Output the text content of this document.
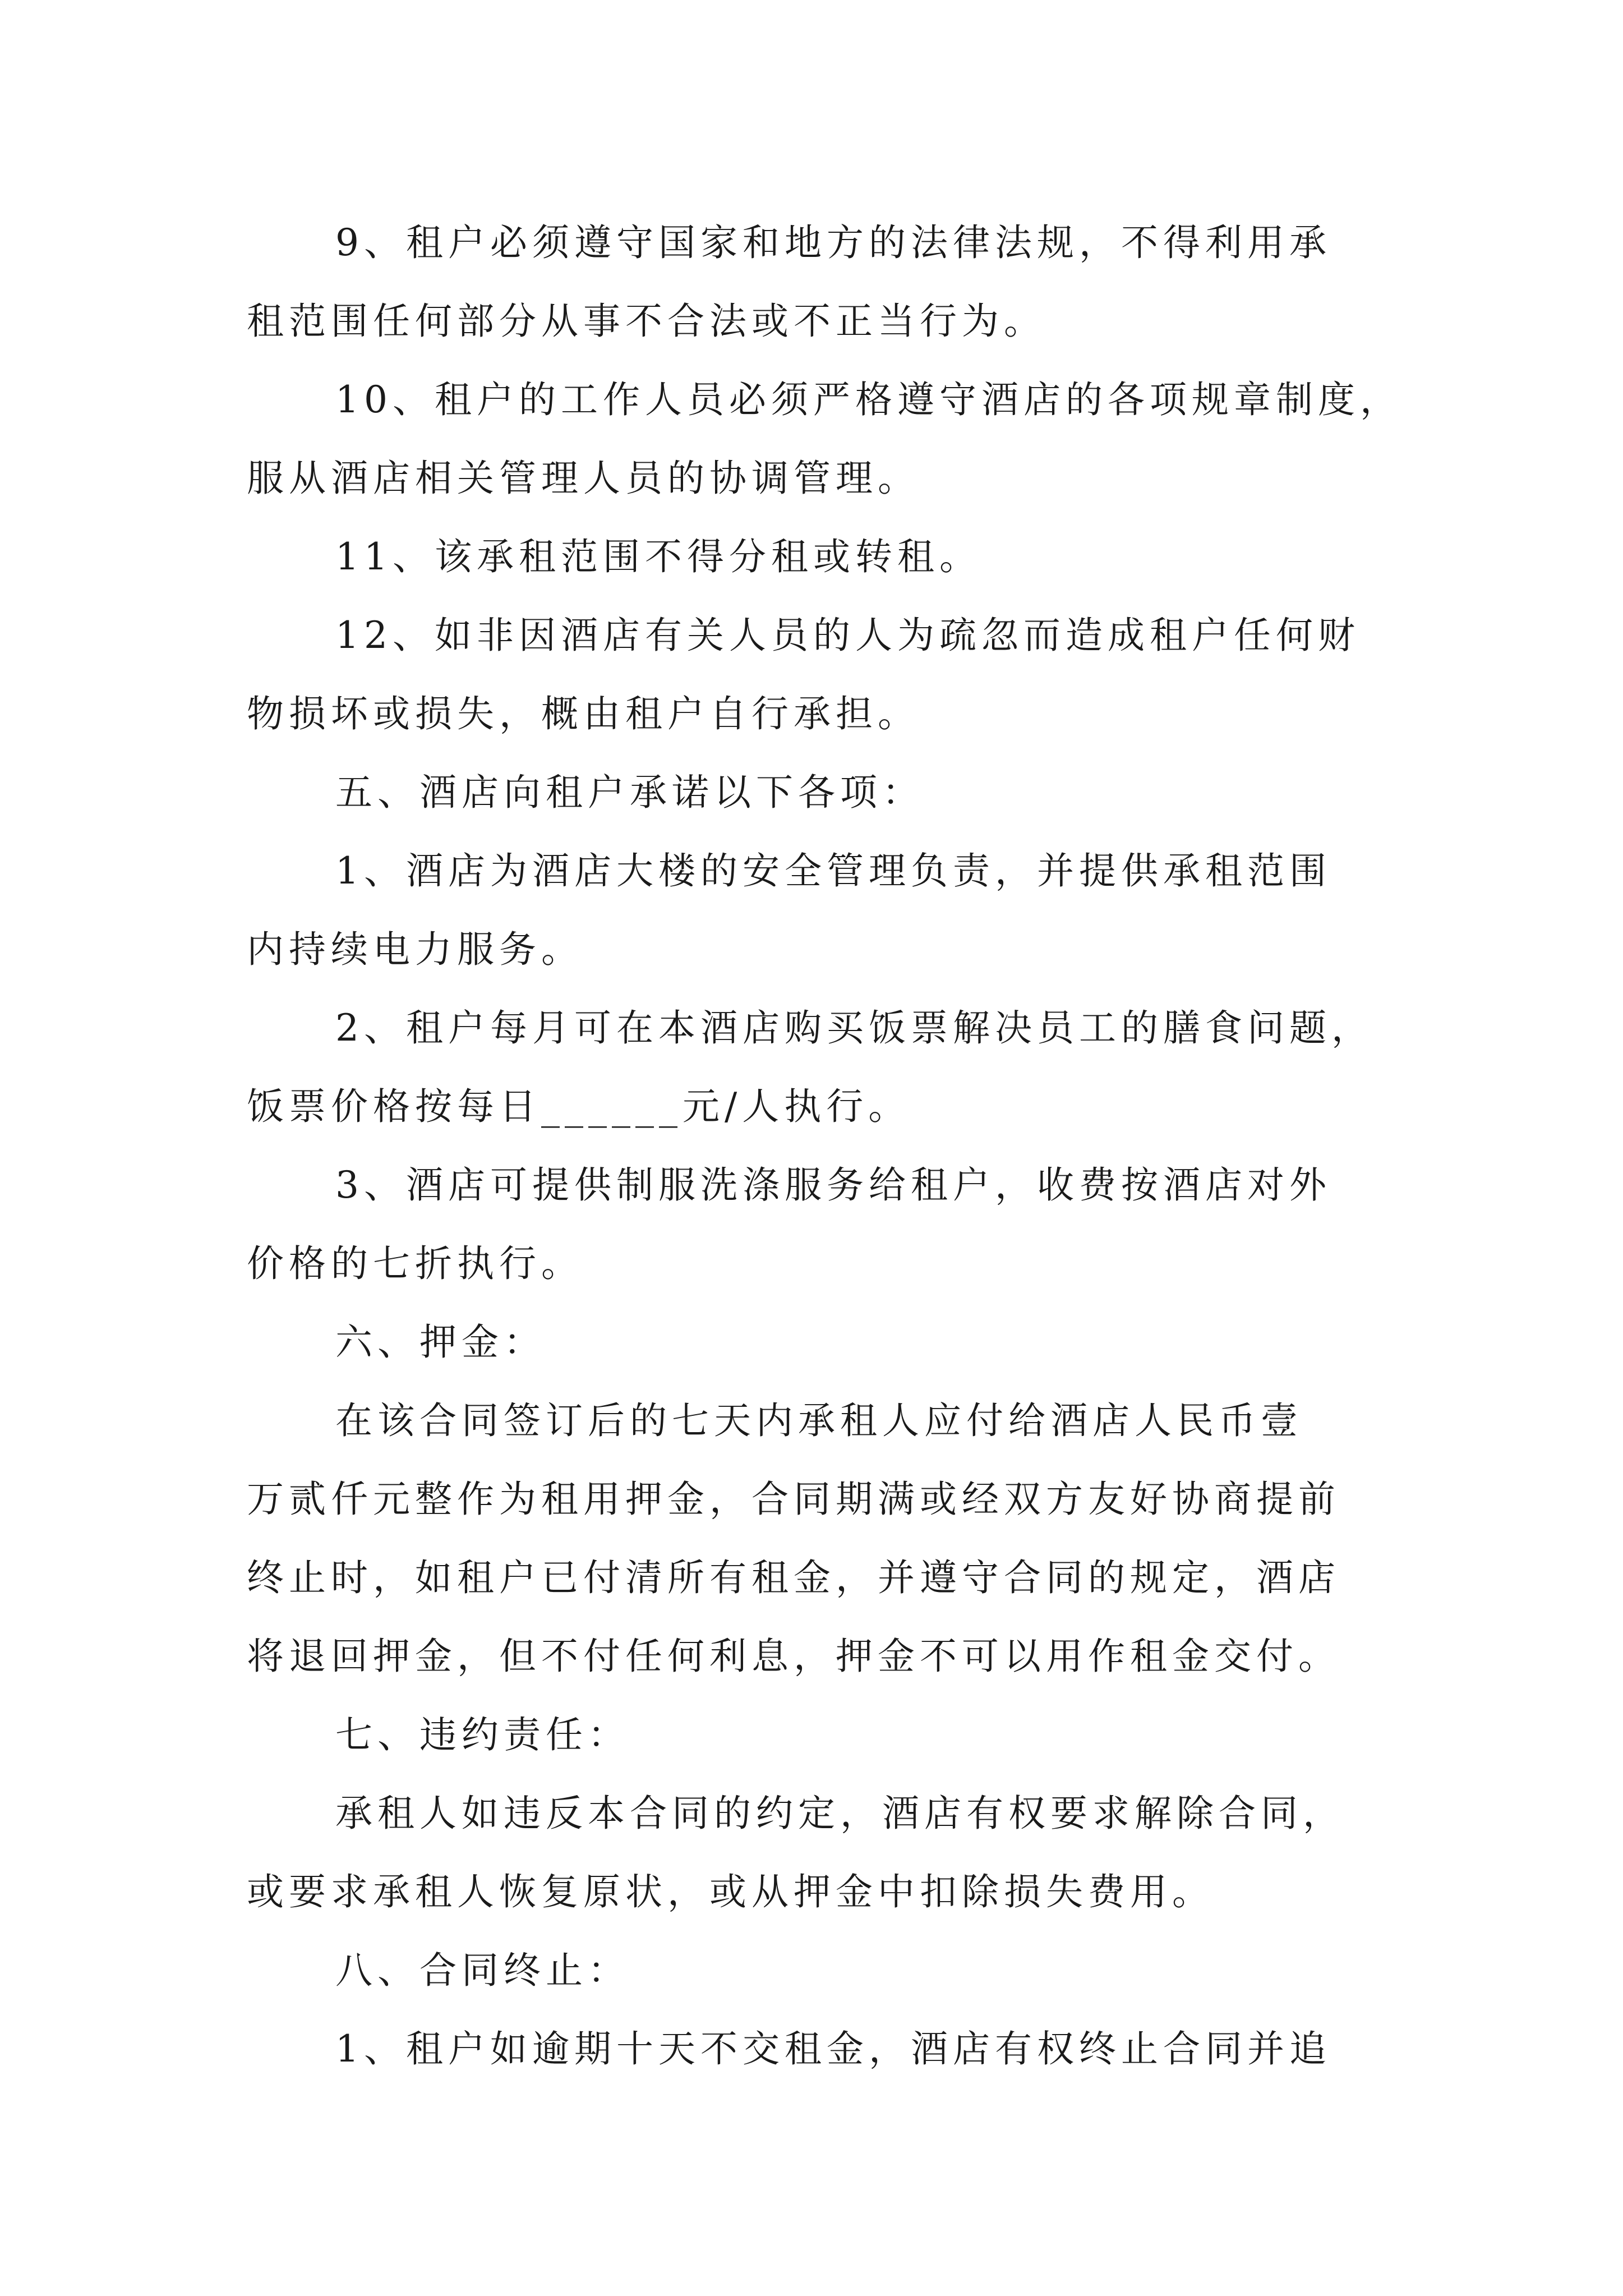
9、租户必须遵守国家和地方的法律法规，不得利用承
租范围任何部分从事不合法或不正当行为。
10、租户的工作人员必须严格遵守酒店的各项规章制度，
服从酒店相关管理人员的协调管理。
11、该承租范围不得分租或转租。
12、如非因酒店有关人员的人为疏忽而造成租户任何财
物损坏或损失，概由租户自行承担。
五、酒店向租户承诺以下各项：
1、酒店为酒店大楼的安全管理负责，并提供承租范围
内持续电力服务。
2、租户每月可在本酒店购买饭票解决员工的膳食问题，
饭票价格按每日______元/人执行。
3、酒店可提供制服洗涤服务给租户，收费按酒店对外
价格的七折执行。
六、押金：
在该合同签订后的七天内承租人应付给酒店人民币壹
万贰仟元整作为租用押金，合同期满或经双方友好协商提前
终止时，如租户已付清所有租金，并遵守合同的规定，酒店
将退回押金，但不付任何利息，押金不可以用作租金交付。
七、违约责任：
承租人如违反本合同的约定，酒店有权要求解除合同，
或要求承租人恢复原状，或从押金中扣除损失费用。
八、合同终止：
1、租户如逾期十天不交租金，酒店有权终止合同并追
